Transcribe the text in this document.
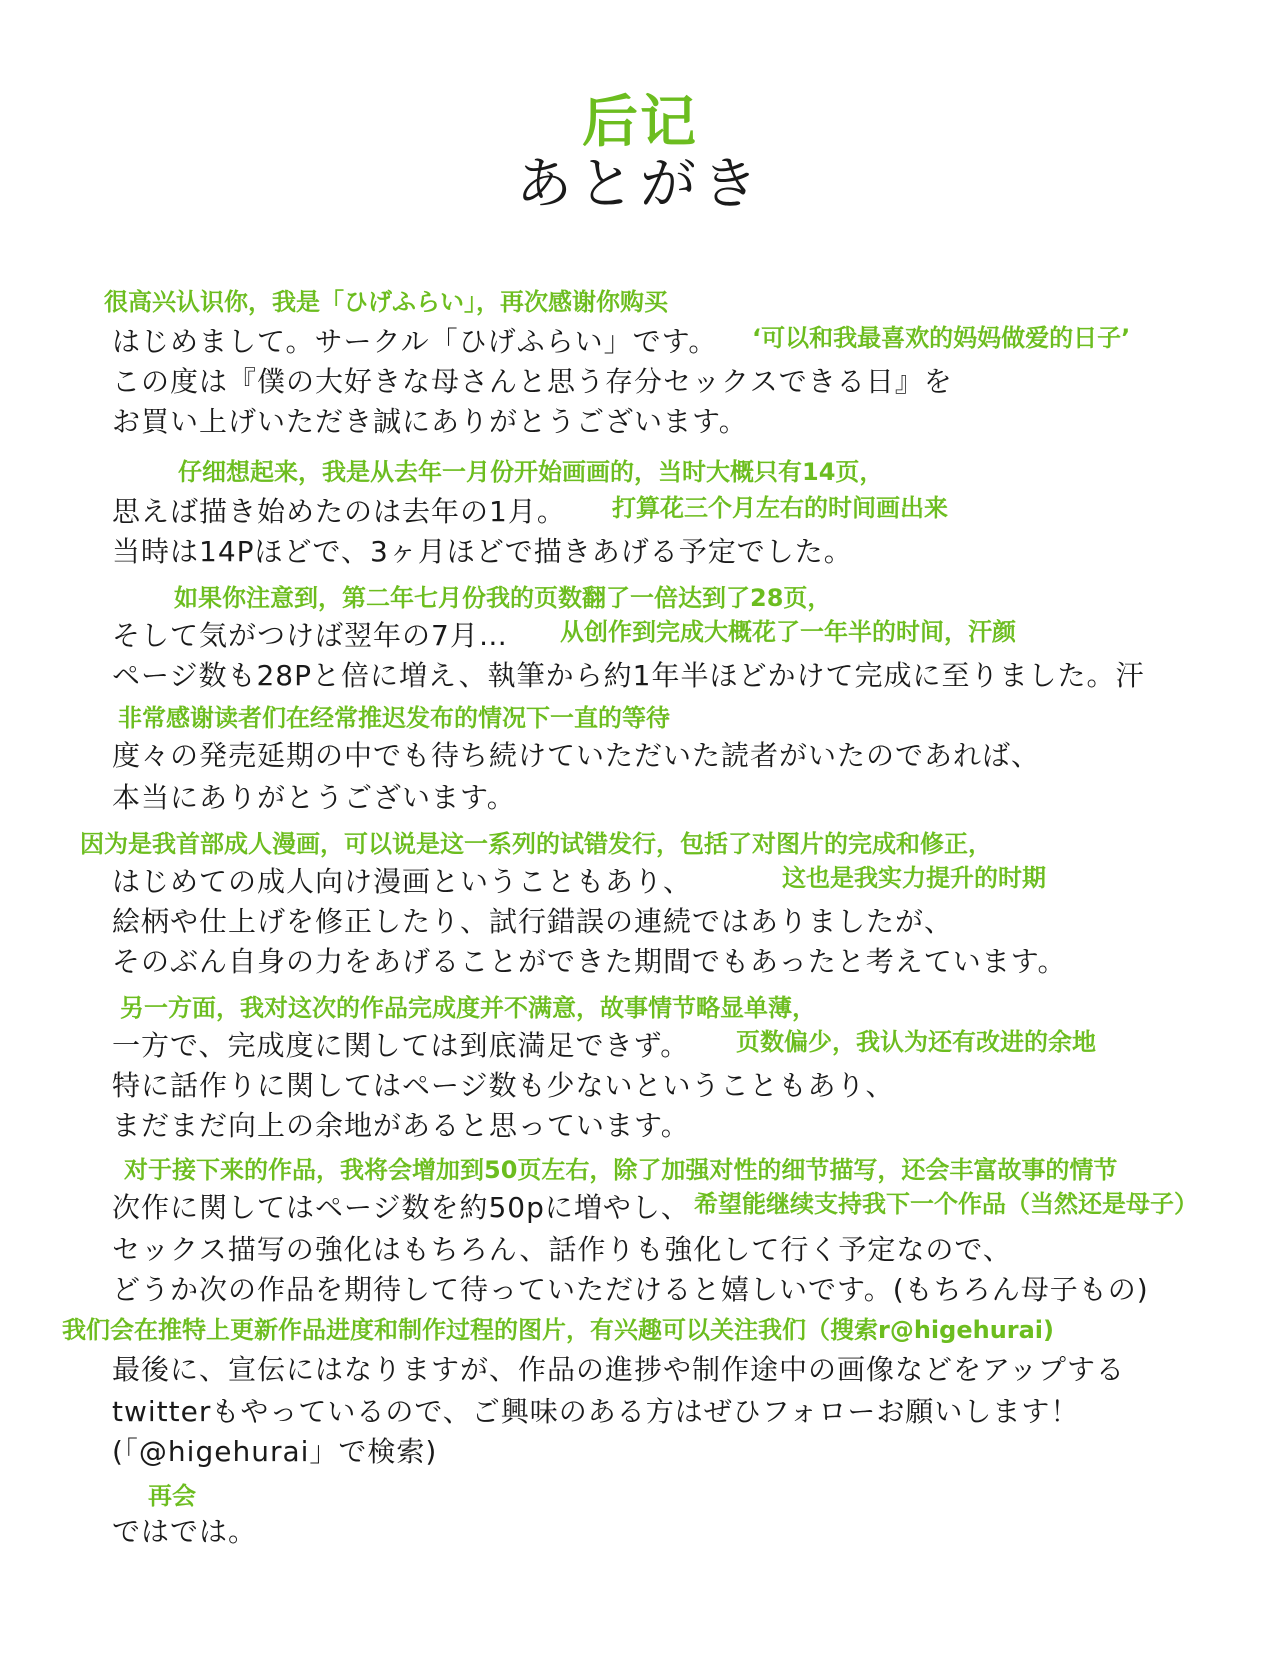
后记
あとがき
很高兴认识你，我是「ひげふらい」，再次感谢你购买
はじめまして。サークル「ひげふらい」です。 ‘可以和我最喜欢的妈妈做爱的日子’
この度は『僕の大好きな母さんと思う存分セックスできる日』を
お買い上げいただき誠にありがとうございます。
仔细想起来，我是从去年一月份开始画画的，当时大概只有14页，
思えば描き始めたのは去年の1月。 打算花三个月左右的时间画出来
当時は14Pほどで、3ヶ月ほどで描きあげる予定でした。
如果你注意到，第二年七月份我的页数翻了一倍达到了28页，
そして気がつけば翌年の7月… 从创作到完成大概花了一年半的时间，汗颜
ページ数も28Pと倍に増え、執筆から約1年半ほどかけて完成に至りました。汗
非常感谢读者们在经常推迟发布的情况下一直的等待
度々の発売延期の中でも待ち続けていただいた読者がいたのであれば、
本当にありがとうございます。
因为是我首部成人漫画，可以说是这一系列的试错发行，包括了对图片的完成和修正，
はじめての成人向け漫画ということもあり、	这也是我实力提升的时期
絵柄や仕上げを修正したり、試行錯誤の連続ではありましたが、
そのぶん自身の力をあげることができた期間でもあったと考えています。
另一方面，我对这次的作品完成度并不满意，故事情节略显单薄，
一方で、完成度に関しては到底満足できず。 页数偏少，我认为还有改进的余地
特に話作りに関してはページ数も少ないということもあり、
まだまだ向上の余地があると思っています。
对于接下来的作品，我将会增加到50页左右，除了加强对性的细节描写，还会丰富故事的情节
次作に関してはページ数を約50pに増やし、 希望能继续支持我下一个作品（当然还是母子）
セックス描写の強化はもちろん、話作りも強化して行く予定なので、
どうか次の作品を期待して待っていただけると嬉しいです。(もちろん母子もの)
我们会在推特上更新作品进度和制作过程的图片，有兴趣可以关注我们（搜索r@higehurai)
最後に、宣伝にはなりますが、作品の進捗や制作途中の画像などをアップする
twitterもやっているので、ご興味のある方はぜひフォローお願いします！
(「@higehurai」で検索)
再会
ではでは。
